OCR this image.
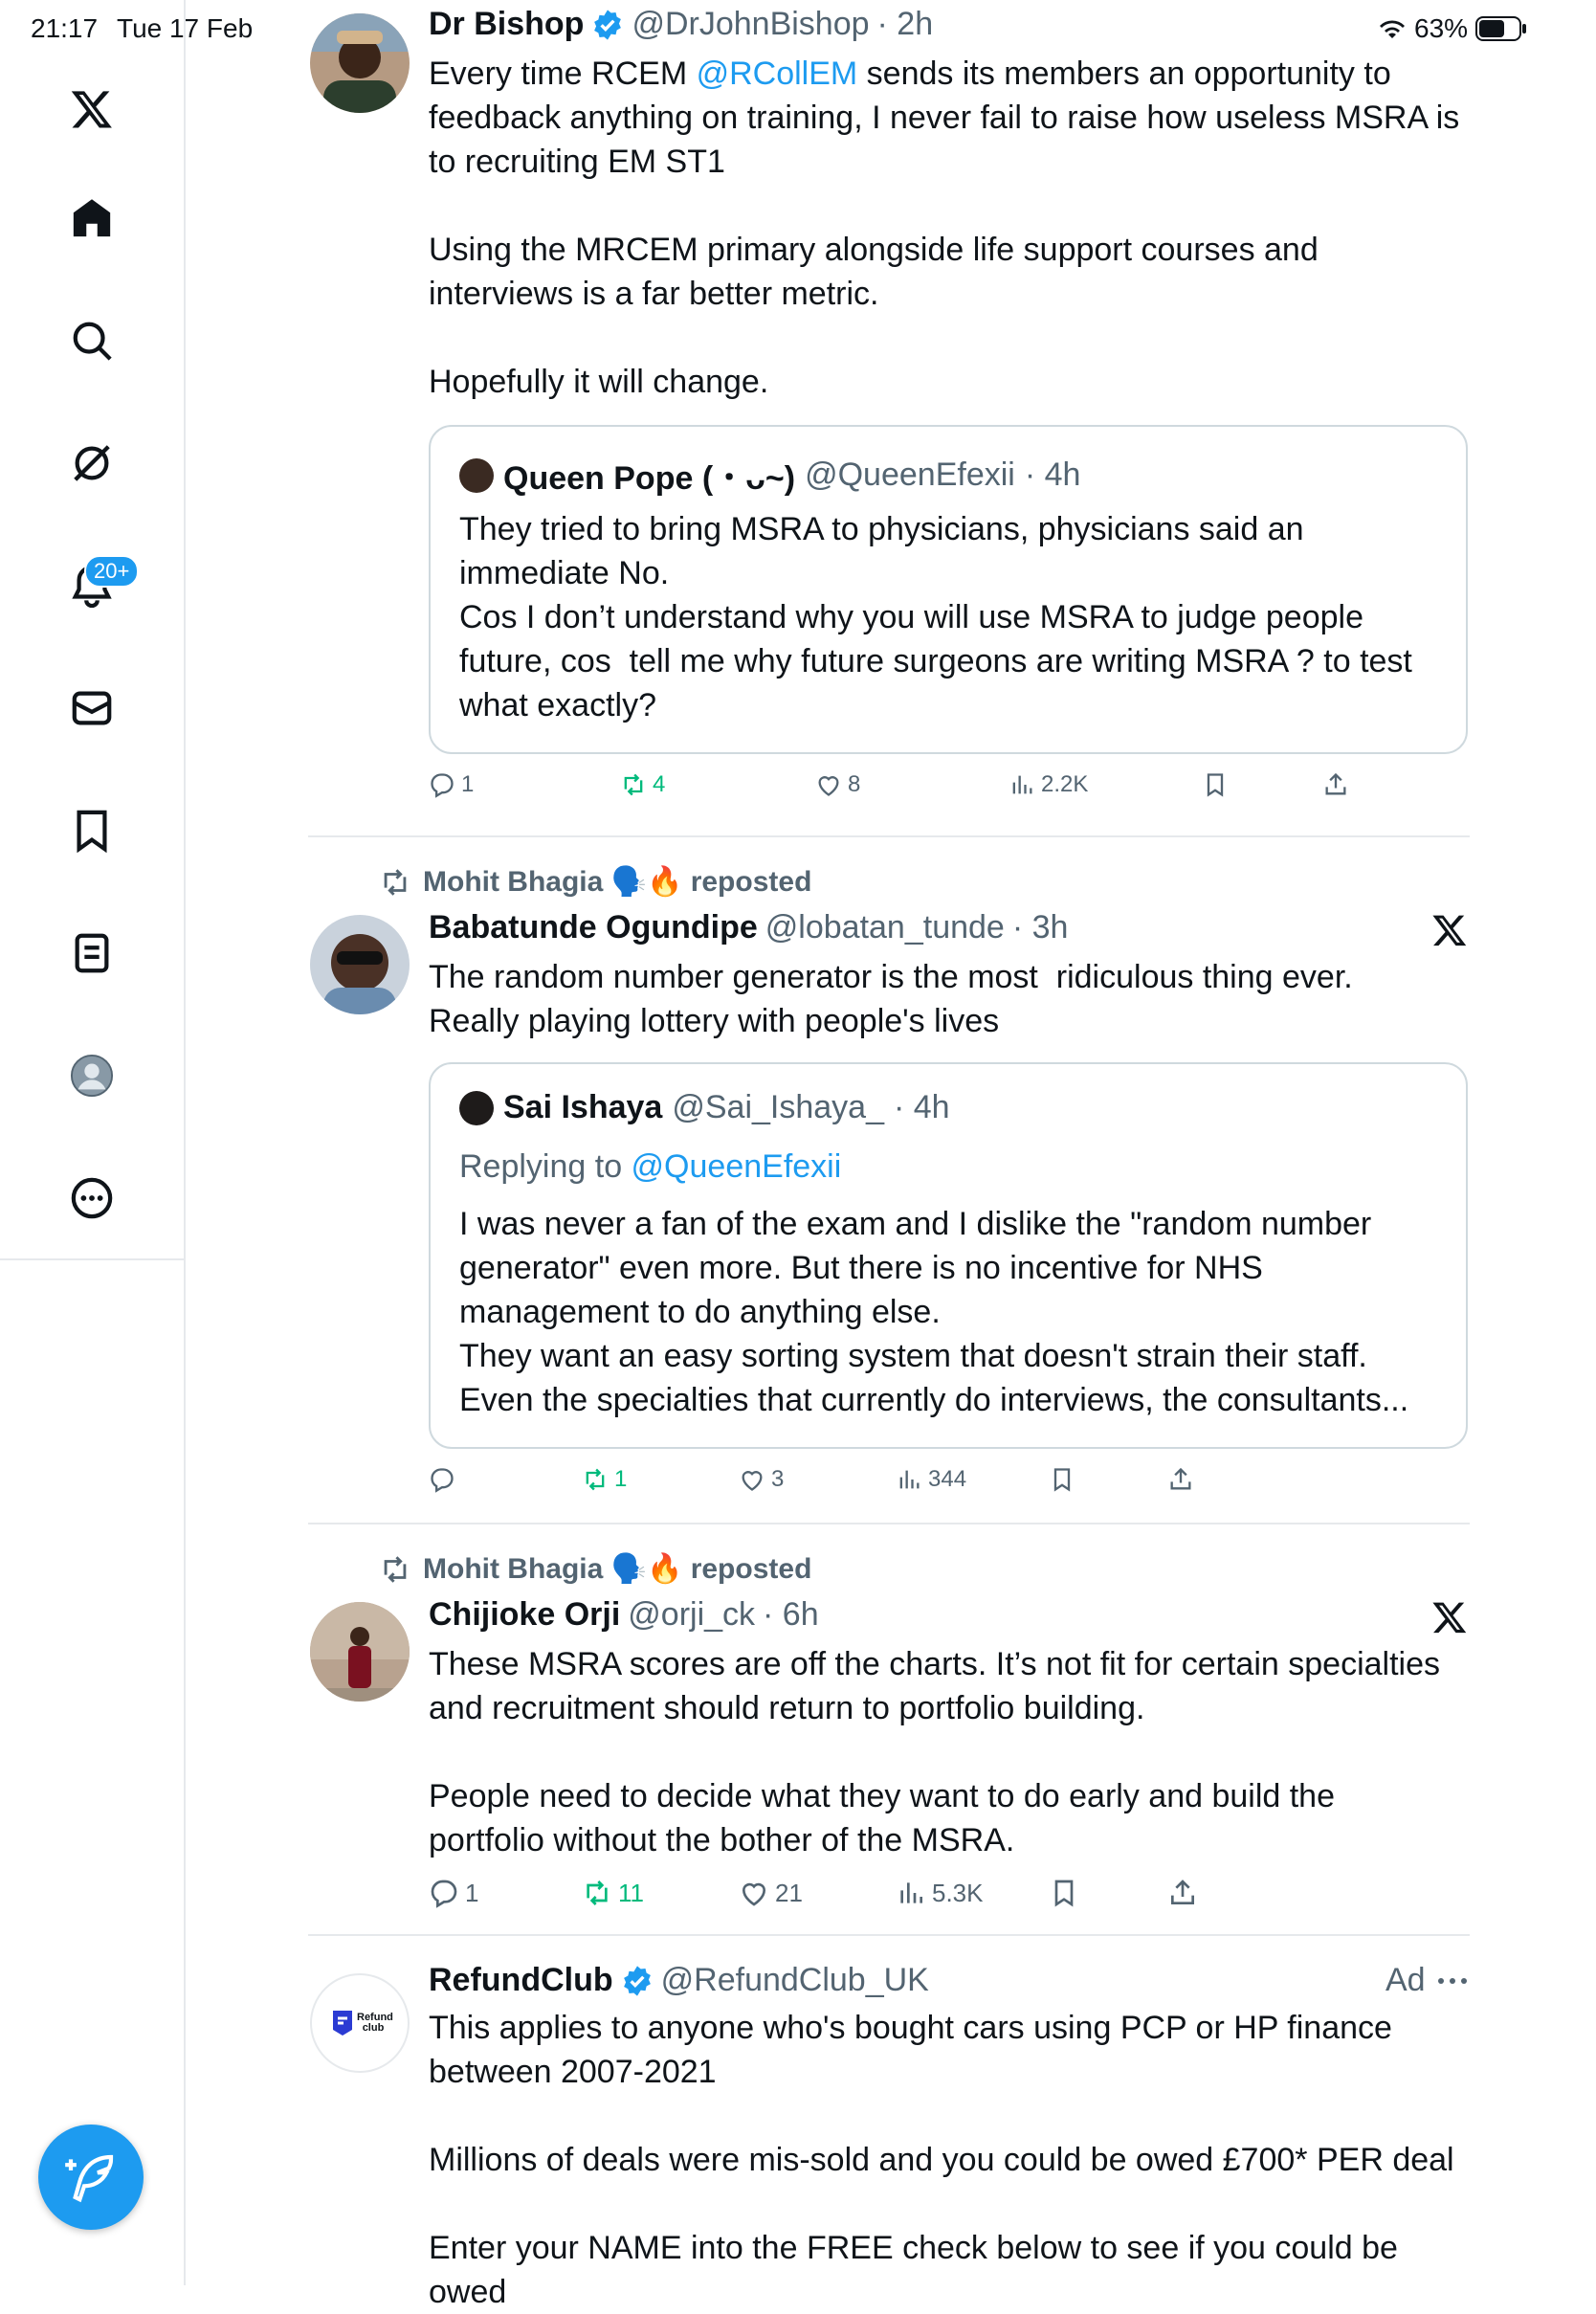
21:17 Tue 17 Feb	63%
20+
Dr Bishop @DrJohnBishop · 2h
Every time RCEM @RCollEM sends its members an opportunity to
feedback anything on training, I never fail to raise how useless MSRA is
to recruiting EM ST1

Using the MRCEM primary alongside life support courses and
interviews is a far better metric.

Hopefully it will change.
Queen Pope (・ᴗ~) @QueenEfexii · 4h
They tried to bring MSRA to physicians, physicians said an
immediate No.
Cos I don’t understand why you will use MSRA to judge people
future, cos  tell me why future surgeons are writing MSRA ? to test
what exactly?
1	4	8	2.2K
Mohit Bhagia 🗣️🔥 reposted
Babatunde Ogundipe @lobatan_tunde · 3h
The random number generator is the most  ridiculous thing ever.
Really playing lottery with people's lives
Sai Ishaya @Sai_Ishaya_ · 4h
Replying to @QueenEfexii
I was never a fan of the exam and I dislike the "random number
generator" even more. But there is no incentive for NHS
management to do anything else.
They want an easy sorting system that doesn't strain their staff.
Even the specialties that currently do interviews, the consultants...
1	3	344
Mohit Bhagia 🗣️🔥 reposted
Chijioke Orji @orji_ck · 6h
These MSRA scores are off the charts. It’s not fit for certain specialties
and recruitment should return to portfolio building.

People need to decide what they want to do early and build the
portfolio without the bother of the MSRA.
1	11	21	5.3K
Refund club
RefundClub @RefundClub_UK	Ad
This applies to anyone who's bought cars using PCP or HP finance
between 2007-2021

Millions of deals were mis-sold and you could be owed £700* PER deal

Enter your NAME into the FREE check below to see if you could be owed
